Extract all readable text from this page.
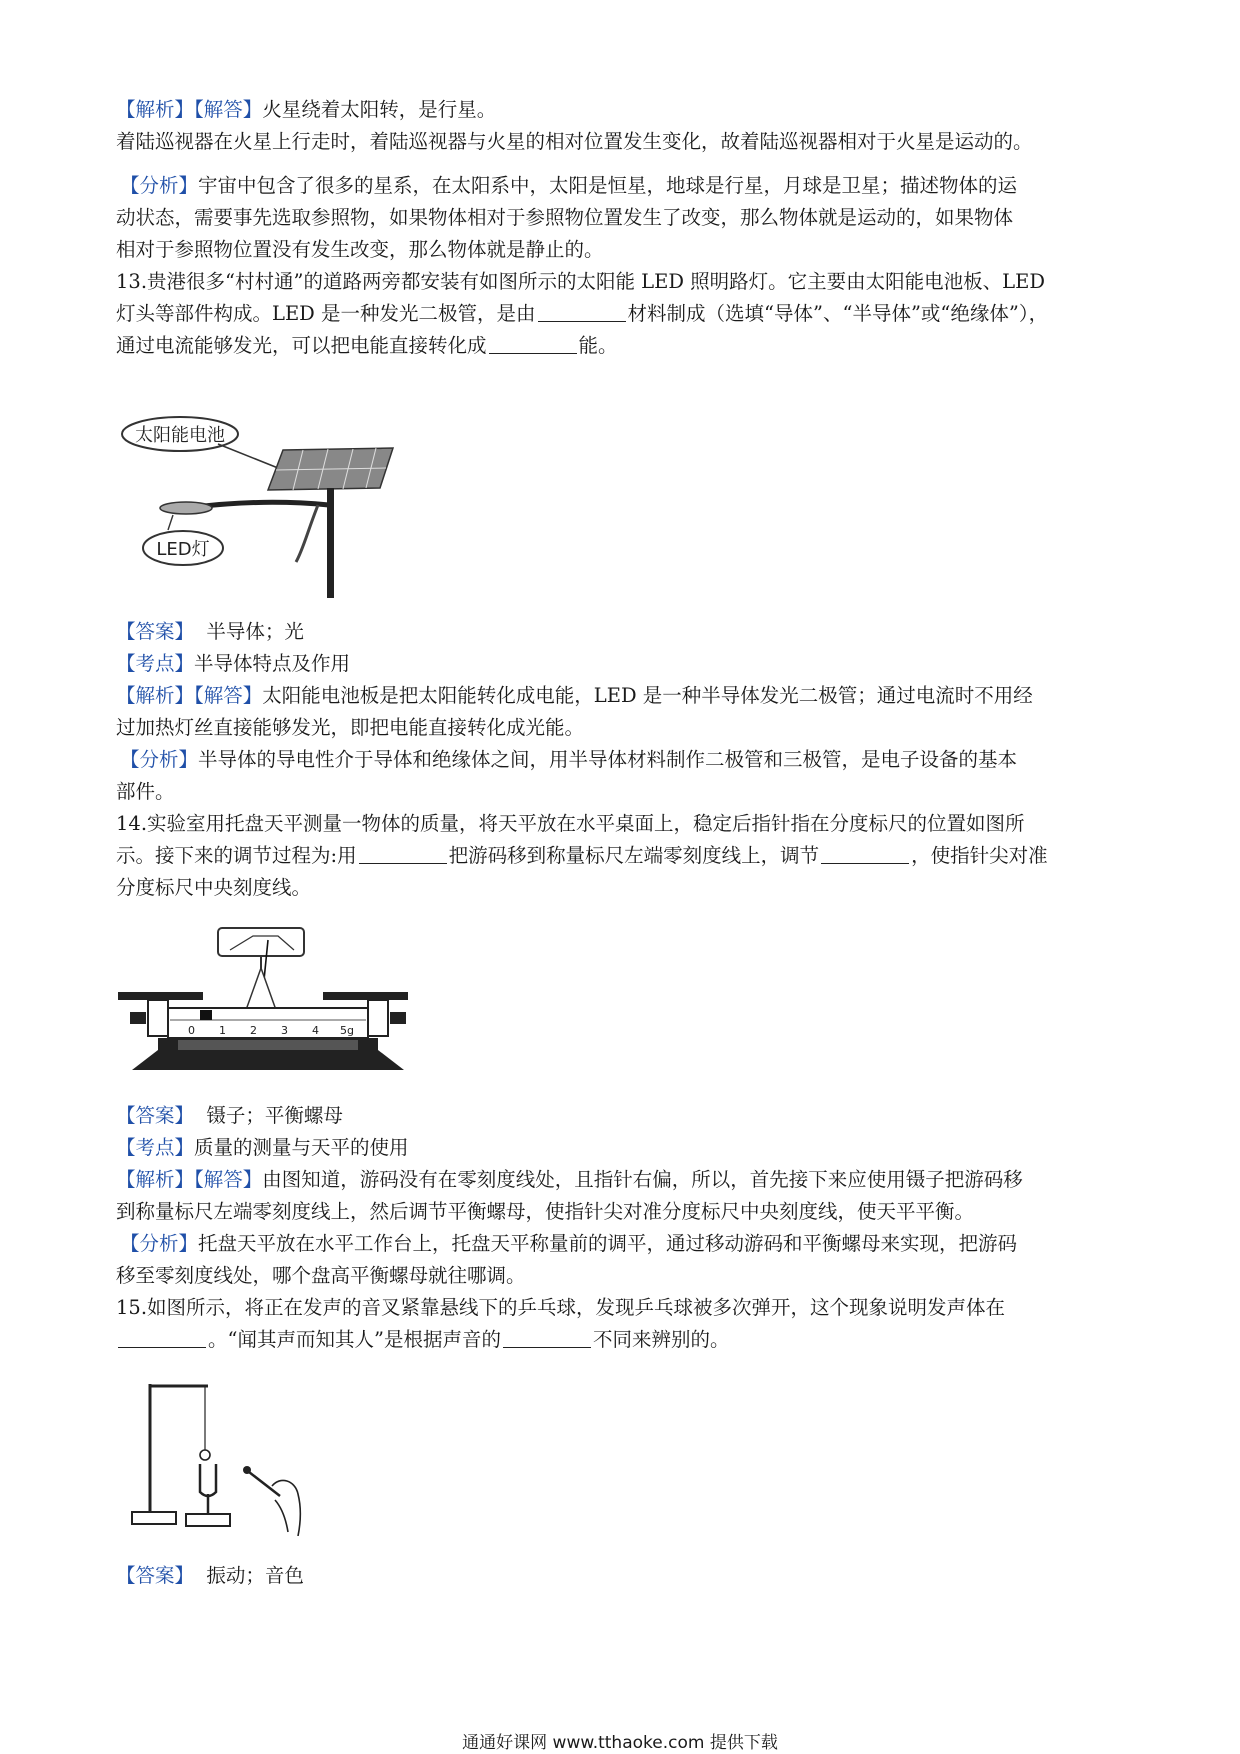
【解析】【解答】火星绕着太阳转，是行星。
着陆巡视器在火星上行走时，着陆巡视器与火星的相对位置发生变化，故着陆巡视器相对于火星是运动的。
【分析】宇宙中包含了很多的星系，在太阳系中，太阳是恒星，地球是行星，月球是卫星；描述物体的运
动状态，需要事先选取参照物，如果物体相对于参照物位置发生了改变，那么物体就是运动的，如果物体
相对于参照物位置没有发生改变，那么物体就是静止的。
13.贵港很多“村村通”的道路两旁都安装有如图所示的太阳能 LED 照明路灯。它主要由太阳能电池板、LED
灯头等部件构成。LED 是一种发光二极管，是由	材料制成（选填“导体”、“半导体”或“绝缘体”），
通过电流能够发光，可以把电能直接转化成	能。
太阳能电池
LED灯
【答案】 半导体；光
【考点】半导体特点及作用
【解析】【解答】太阳能电池板是把太阳能转化成电能，LED 是一种半导体发光二极管；通过电流时不用经
过加热灯丝直接能够发光，即把电能直接转化成光能。
【分析】半导体的导电性介于导体和绝缘体之间，用半导体材料制作二极管和三极管，是电子设备的基本
部件。
14.实验室用托盘天平测量一物体的质量，将天平放在水平桌面上，稳定后指针指在分度标尺的位置如图所
示。接下来的调节过程为:用	把游码移到称量标尺左端零刻度线上，调节	，使指针尖对准
分度标尺中央刻度线。
0 1 2 3 4 5g
【答案】 镊子；平衡螺母
【考点】质量的测量与天平的使用
【解析】【解答】由图知道，游码没有在零刻度线处，且指针右偏，所以，首先接下来应使用镊子把游码移
到称量标尺左端零刻度线上，然后调节平衡螺母，使指针尖对准分度标尺中央刻度线，使天平平衡。
【分析】托盘天平放在水平工作台上，托盘天平称量前的调平，通过移动游码和平衡螺母来实现，把游码
移至零刻度线处，哪个盘高平衡螺母就往哪调。
15.如图所示，将正在发声的音叉紧靠悬线下的乒乓球，发现乒乓球被多次弹开，这个现象说明发声体在
。“闻其声而知其人”是根据声音的	不同来辨别的。
【答案】 振动；音色
通通好课网 www.tthaoke.com 提供下载
